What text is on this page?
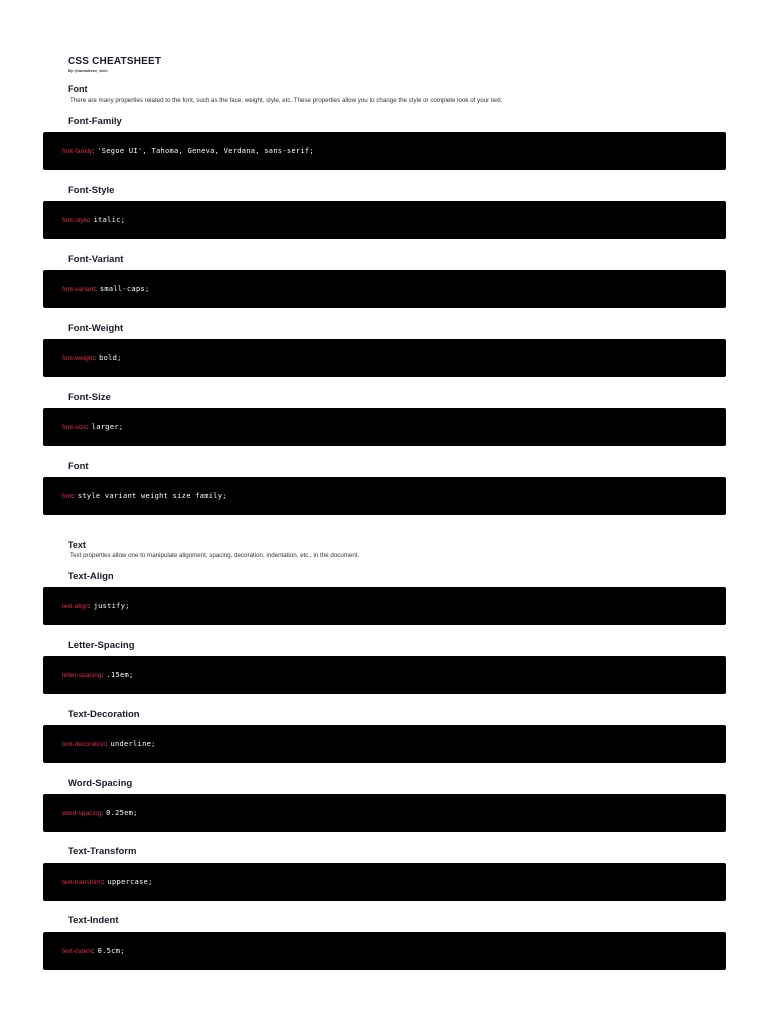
CSS CHEATSHEET
By @websiteee_tech
Font
There are many properties related to the font, such as the face, weight, style, etc. These properties allow you to change the style or complete look of your text.
Font-Family
font-family: 'Segoe UI', Tahoma, Geneva, Verdana, sans-serif;
Font-Style
font-style: italic;
Font-Variant
font-variant: small-caps;
Font-Weight
font-weight: bold;
Font-Size
font-size: larger;
Font
font: style variant weight size family;
Text
Text properties allow one to manipulate alignment, spacing, decoration, indentation, etc., in the document.
Text-Align
text-align: justify;
Letter-Spacing
letter-spacing: .15em;
Text-Decoration
text-decoration: underline;
Word-Spacing
word-spacing: 0.25em;
Text-Transform
text-transform: uppercase;
Text-Indent
text-indent: 0.5cm;
